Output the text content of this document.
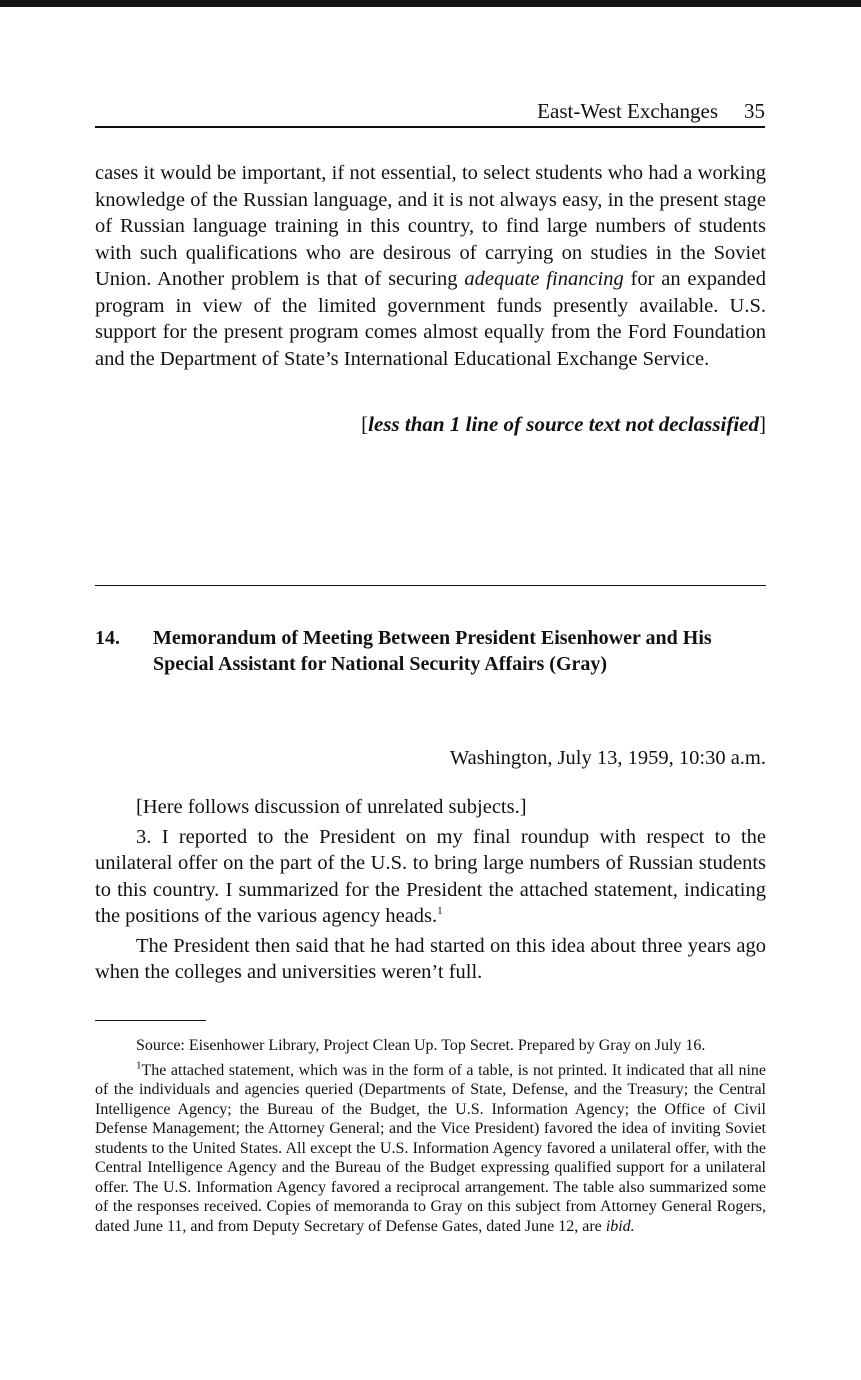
East-West Exchanges 35

cases it would be important, if not essential, to select students who had a working knowledge of the Russian language, and it is not always easy, in the present stage of Russian language training in this country, to find large numbers of students with such qualifications who are desirous of carrying on studies in the Soviet Union. Another problem is that of securing adequate financing for an expanded program in view of the limited government funds presently available. U.S. support for the present program comes almost equally from the Ford Foundation and the Department of State’s International Educational Exchange Service.

[less than 1 line of source text not declassified]
14. Memorandum of Meeting Between President Eisenhower and His Special Assistant for National Security Affairs (Gray)
Washington, July 13, 1959, 10:30 a.m.

[Here follows discussion of unrelated subjects.]

3. I reported to the President on my final roundup with respect to the unilateral offer on the part of the U.S. to bring large numbers of Russian students to this country. I summarized for the President the attached statement, indicating the positions of the various agency heads.$^1$

The President then said that he had started on this idea about three years ago when the colleges and universities weren’t full.

Source: Eisenhower Library, Project Clean Up. Top Secret. Prepared by Gray on July 16.

$^1$The attached statement, which was in the form of a table, is not printed. It indicated that all nine of the individuals and agencies queried (Departments of State, Defense, and the Treasury; the Central Intelligence Agency; the Bureau of the Budget, the U.S. Information Agency; the Office of Civil Defense Management; the Attorney General; and the Vice President) favored the idea of inviting Soviet students to the United States. All except the U.S. Information Agency favored a unilateral offer, with the Central Intelligence Agency and the Bureau of the Budget expressing qualified support for a unilateral offer. The U.S. Information Agency favored a reciprocal arrangement. The table also summarized some of the responses received. Copies of memoranda to Gray on this subject from Attorney General Rogers, dated June 11, and from Deputy Secretary of Defense Gates, dated June 12, are ibid.
